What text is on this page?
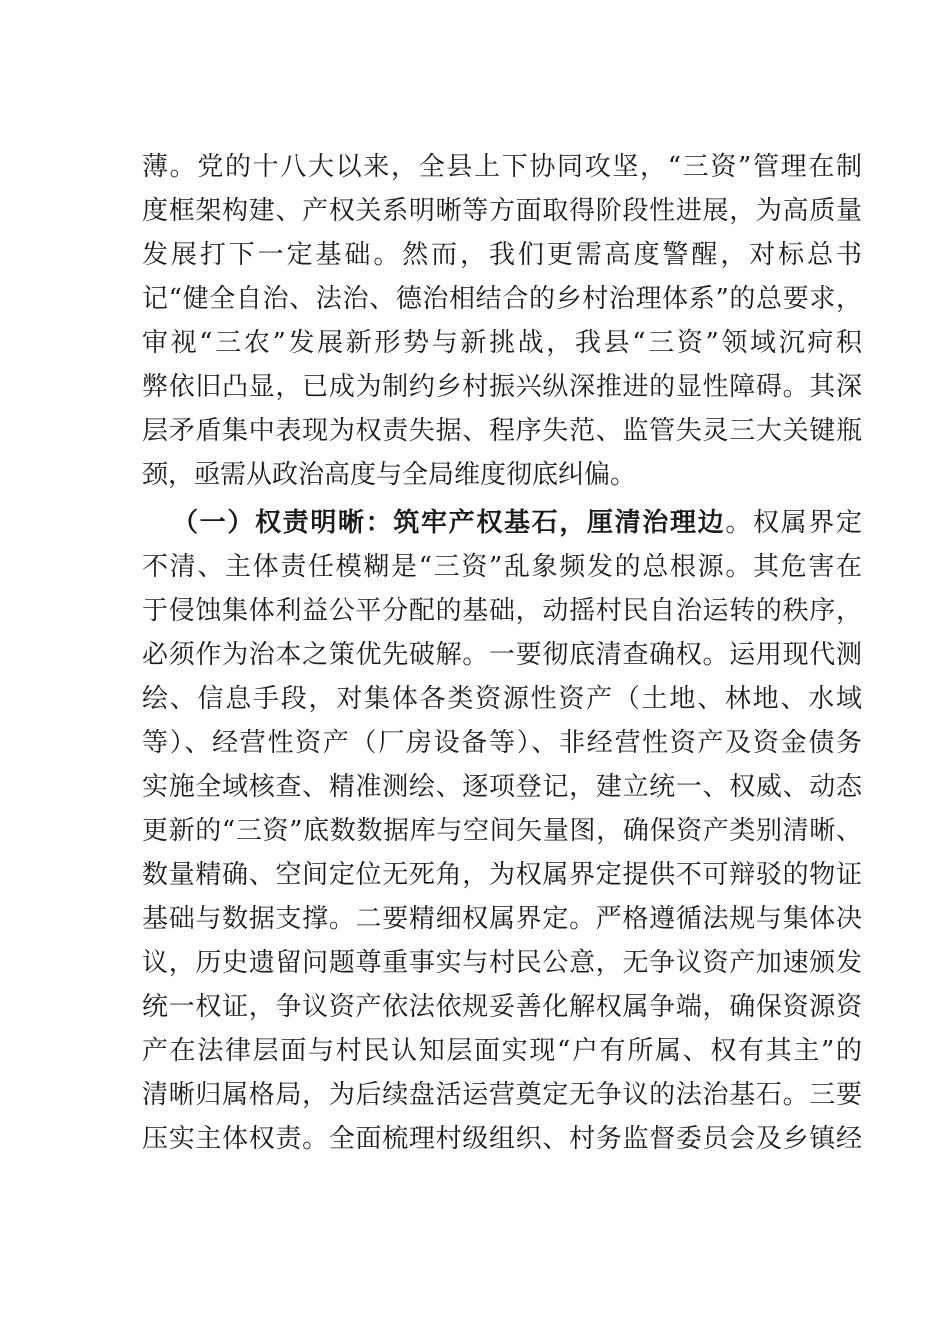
薄。党的十八大以来，全县上下协同攻坚，“三资”管理在制
度框架构建、产权关系明晰等方面取得阶段性进展，为高质量
发展打下一定基础。然而，我们更需高度警醒，对标总书
记“健全自治、法治、德治相结合的乡村治理体系”的总要求，
审视“三农”发展新形势与新挑战，我县“三资”领域沉疴积
弊依旧凸显，已成为制约乡村振兴纵深推进的显性障碍。其深
层矛盾集中表现为权责失据、程序失范、监管失灵三大关键瓶
颈，亟需从政治高度与全局维度彻底纠偏。
（一）权责明晰：筑牢产权基石，厘清治理边。权属界定
不清、主体责任模糊是“三资”乱象频发的总根源。其危害在
于侵蚀集体利益公平分配的基础，动摇村民自治运转的秩序，
必须作为治本之策优先破解。一要彻底清查确权。运用现代测
绘、信息手段，对集体各类资源性资产（土地、林地、水域
等）、经营性资产（厂房设备等）、非经营性资产及资金债务
实施全域核查、精准测绘、逐项登记，建立统一、权威、动态
更新的“三资”底数数据库与空间矢量图，确保资产类别清晰、
数量精确、空间定位无死角，为权属界定提供不可辩驳的物证
基础与数据支撑。二要精细权属界定。严格遵循法规与集体决
议，历史遗留问题尊重事实与村民公意，无争议资产加速颁发
统一权证，争议资产依法依规妥善化解权属争端，确保资源资
产在法律层面与村民认知层面实现“户有所属、权有其主”的
清晰归属格局，为后续盘活运营奠定无争议的法治基石。三要
压实主体权责。全面梳理村级组织、村务监督委员会及乡镇经
